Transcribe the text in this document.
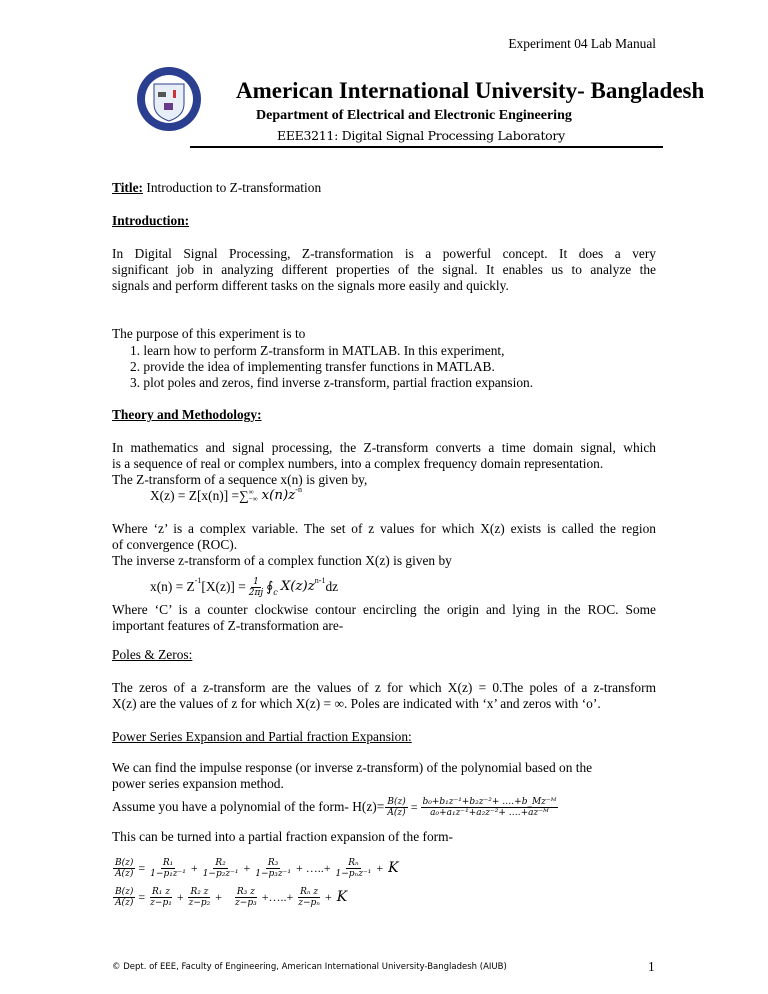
Experiment 04 Lab Manual
American International University- Bangladesh
Department of Electrical and Electronic Engineering
EEE3211: Digital Signal Processing Laboratory
Title: Introduction to Z-transformation
Introduction:
In Digital Signal Processing, Z-transformation is a powerful concept. It does a very
significant job in analyzing different properties of the signal. It enables us to analyze the
signals and perform different tasks on the signals more easily and quickly.
The purpose of this experiment is to
1. learn how to perform Z-transform in MATLAB. In this experiment,
2. provide the idea of implementing transfer functions in MATLAB.
3. plot poles and zeros, find inverse z-transform, partial fraction expansion.
Theory and Methodology:
In mathematics and signal processing, the Z-transform converts a time domain signal, which
is a sequence of real or complex numbers, into a complex frequency domain representation.
The Z-transform of a sequence x(n) is given by,
X(z) = Z[x(n)] = ∑ ∞
−∞ $x(n)z^{-n}$
Where ‘z’ is a complex variable. The set of z values for which X(z) exists is called the region
of convergence (ROC).
The inverse z-transform of a complex function X(z) is given by
$x(n) = Z^{-1}$ $[X(z)] = \frac{1}{2\pi j}$ $∮_c$ $X(z)z^{n-1}$ dz
Where ‘C’ is a counter clockwise contour encircling the origin and lying in the ROC. Some
important features of Z-transformation are-
Poles & Zeros:
The zeros of a z-transform are the values of z for which X(z) = 0.The poles of a z-transform
X(z) are the values of z for which X(z) = ∞. Poles are indicated with ‘x’ and zeros with ‘o’.
Power Series Expansion and Partial fraction Expansion:
We can find the impulse response (or inverse z-transform) of the polynomial based on the
power series expansion method.
Assume you have a polynomial of the form- $H(z)= \frac{B(z)}{A(z)} = \frac{\text{b₀+b₁z⁻¹+b₂z⁻²+ ….+b\_Mz⁻ᴹ}}{\text{a₀+a₁z⁻¹+a₂z⁻²+ ….+az⁻ᴹ}}$
This can be turned into a partial fraction expansion of the form-
$\frac{B(z)}{A(z)} = \frac{\text{R₁}}{\text{1−p₁z⁻¹}} + \frac{\text{R₂}}{\text{1−p₂z⁻¹}} + \frac{\text{R₃}}{\text{1−p₃z⁻¹}}$ + …..+ $\frac{\text{Rₙ}}{\text{1−pₙz⁻¹}} + K$
$\frac{B(z)}{A(z)} = \frac{\text{R₁ z}}{\text{z−p₁}} + \frac{\text{R₂ z}}{\text{z−p₂}} + \frac{\text{R₃ z}}{\text{z−p₃}}$ +…..+ $\frac{\text{Rₙ z}}{\text{z−pₙ}} + K$
© Dept. of EEE, Faculty of Engineering, American International University-Bangladesh (AIUB)	1
